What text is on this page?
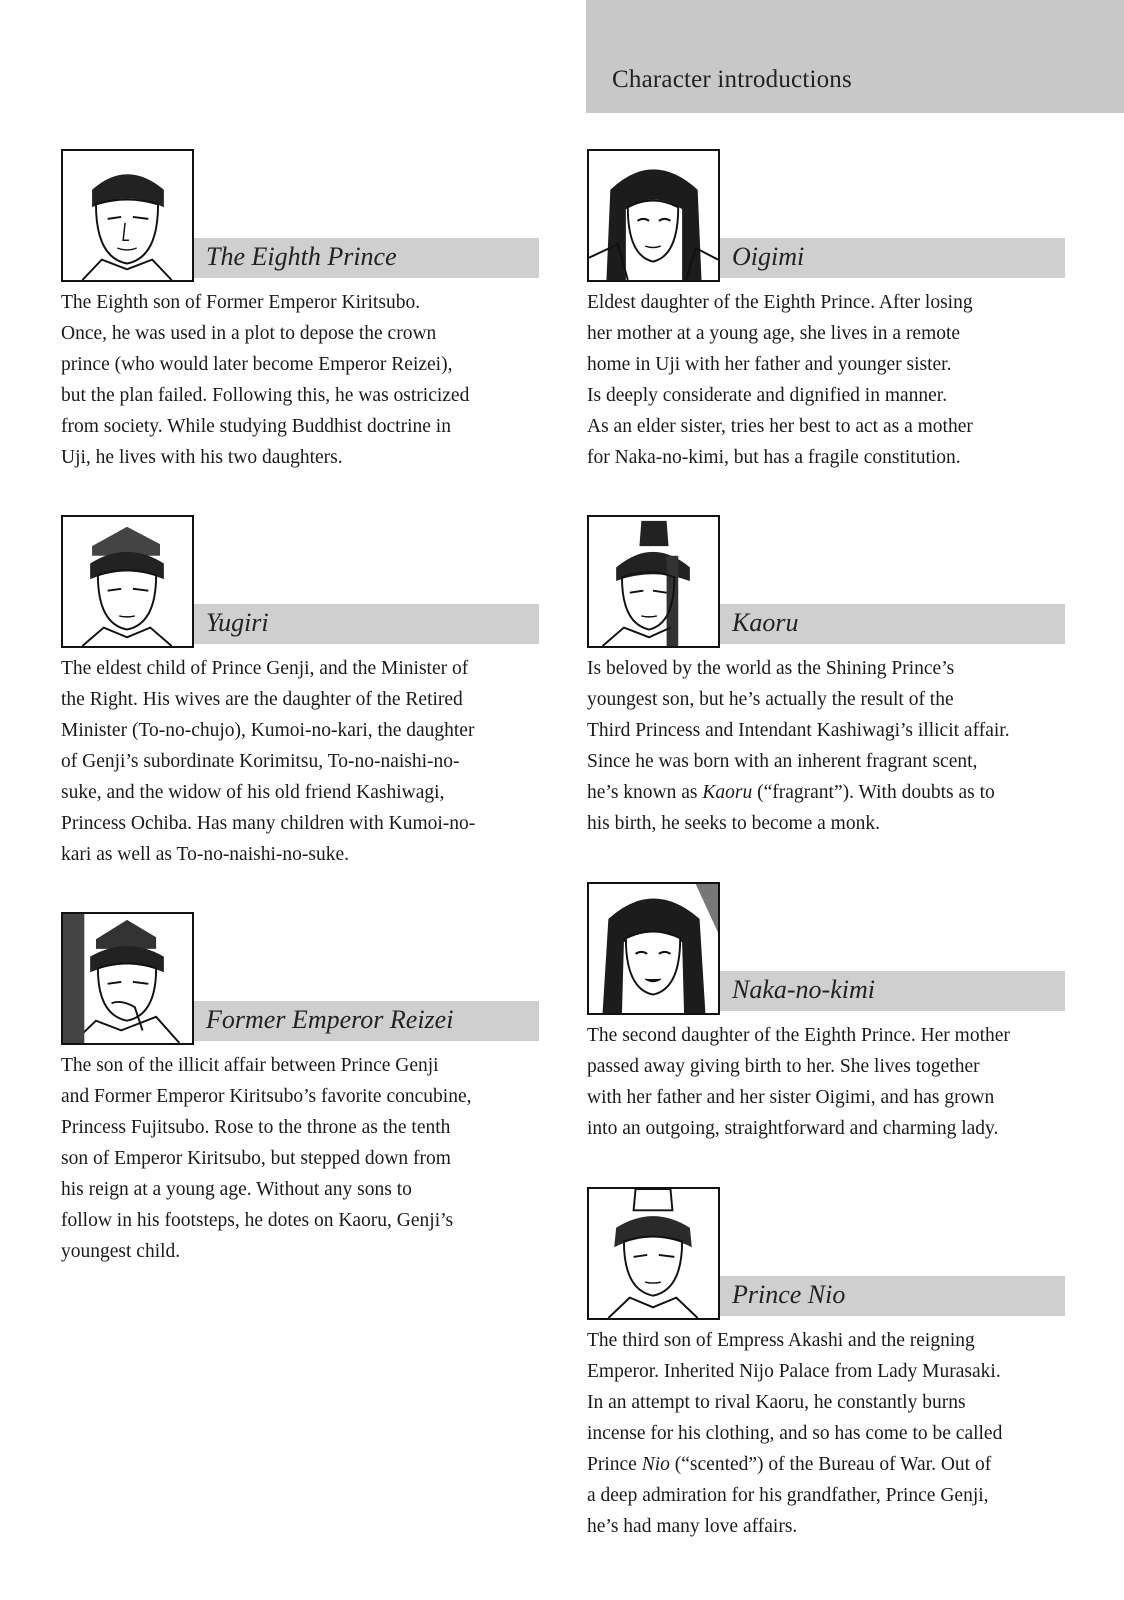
Character introductions
The Eighth Prince
The Eighth son of Former Emperor Kiritsubo.
Once, he was used in a plot to depose the crown
prince (who would later become Emperor Reizei),
but the plan failed. Following this, he was ostricized
from society. While studying Buddhist doctrine in
Uji, he lives with his two daughters.
Oigimi
Eldest daughter of the Eighth Prince. After losing
her mother at a young age, she lives in a remote
home in Uji with her father and younger sister.
Is deeply considerate and dignified in manner.
As an elder sister, tries her best to act as a mother
for Naka-no-kimi, but has a fragile constitution.
Yugiri
The eldest child of Prince Genji, and the Minister of
the Right. His wives are the daughter of the Retired
Minister (To-no-chujo), Kumoi-no-kari, the daughter
of Genji’s subordinate Korimitsu, To-no-naishi-no-
suke, and the widow of his old friend Kashiwagi,
Princess Ochiba. Has many children with Kumoi-no-
kari as well as To-no-naishi-no-suke.
Kaoru
Is beloved by the world as the Shining Prince’s
youngest son, but he’s actually the result of the
Third Princess and Intendant Kashiwagi’s illicit affair.
Since he was born with an inherent fragrant scent,
he’s known as Kaoru (“fragrant”). With doubts as to
his birth, he seeks to become a monk.
Former Emperor Reizei
The son of the illicit affair between Prince Genji
and Former Emperor Kiritsubo’s favorite concubine,
Princess Fujitsubo. Rose to the throne as the tenth
son of Emperor Kiritsubo, but stepped down from
his reign at a young age. Without any sons to
follow in his footsteps, he dotes on Kaoru, Genji’s
youngest child.
Naka-no-kimi
The second daughter of the Eighth Prince. Her mother
passed away giving birth to her. She lives together
with her father and her sister Oigimi, and has grown
into an outgoing, straightforward and charming lady.
Prince Nio
The third son of Empress Akashi and the reigning
Emperor. Inherited Nijo Palace from Lady Murasaki.
In an attempt to rival Kaoru, he constantly burns
incense for his clothing, and so has come to be called
Prince Nio (“scented”) of the Bureau of War. Out of
a deep admiration for his grandfather, Prince Genji,
he’s had many love affairs.
